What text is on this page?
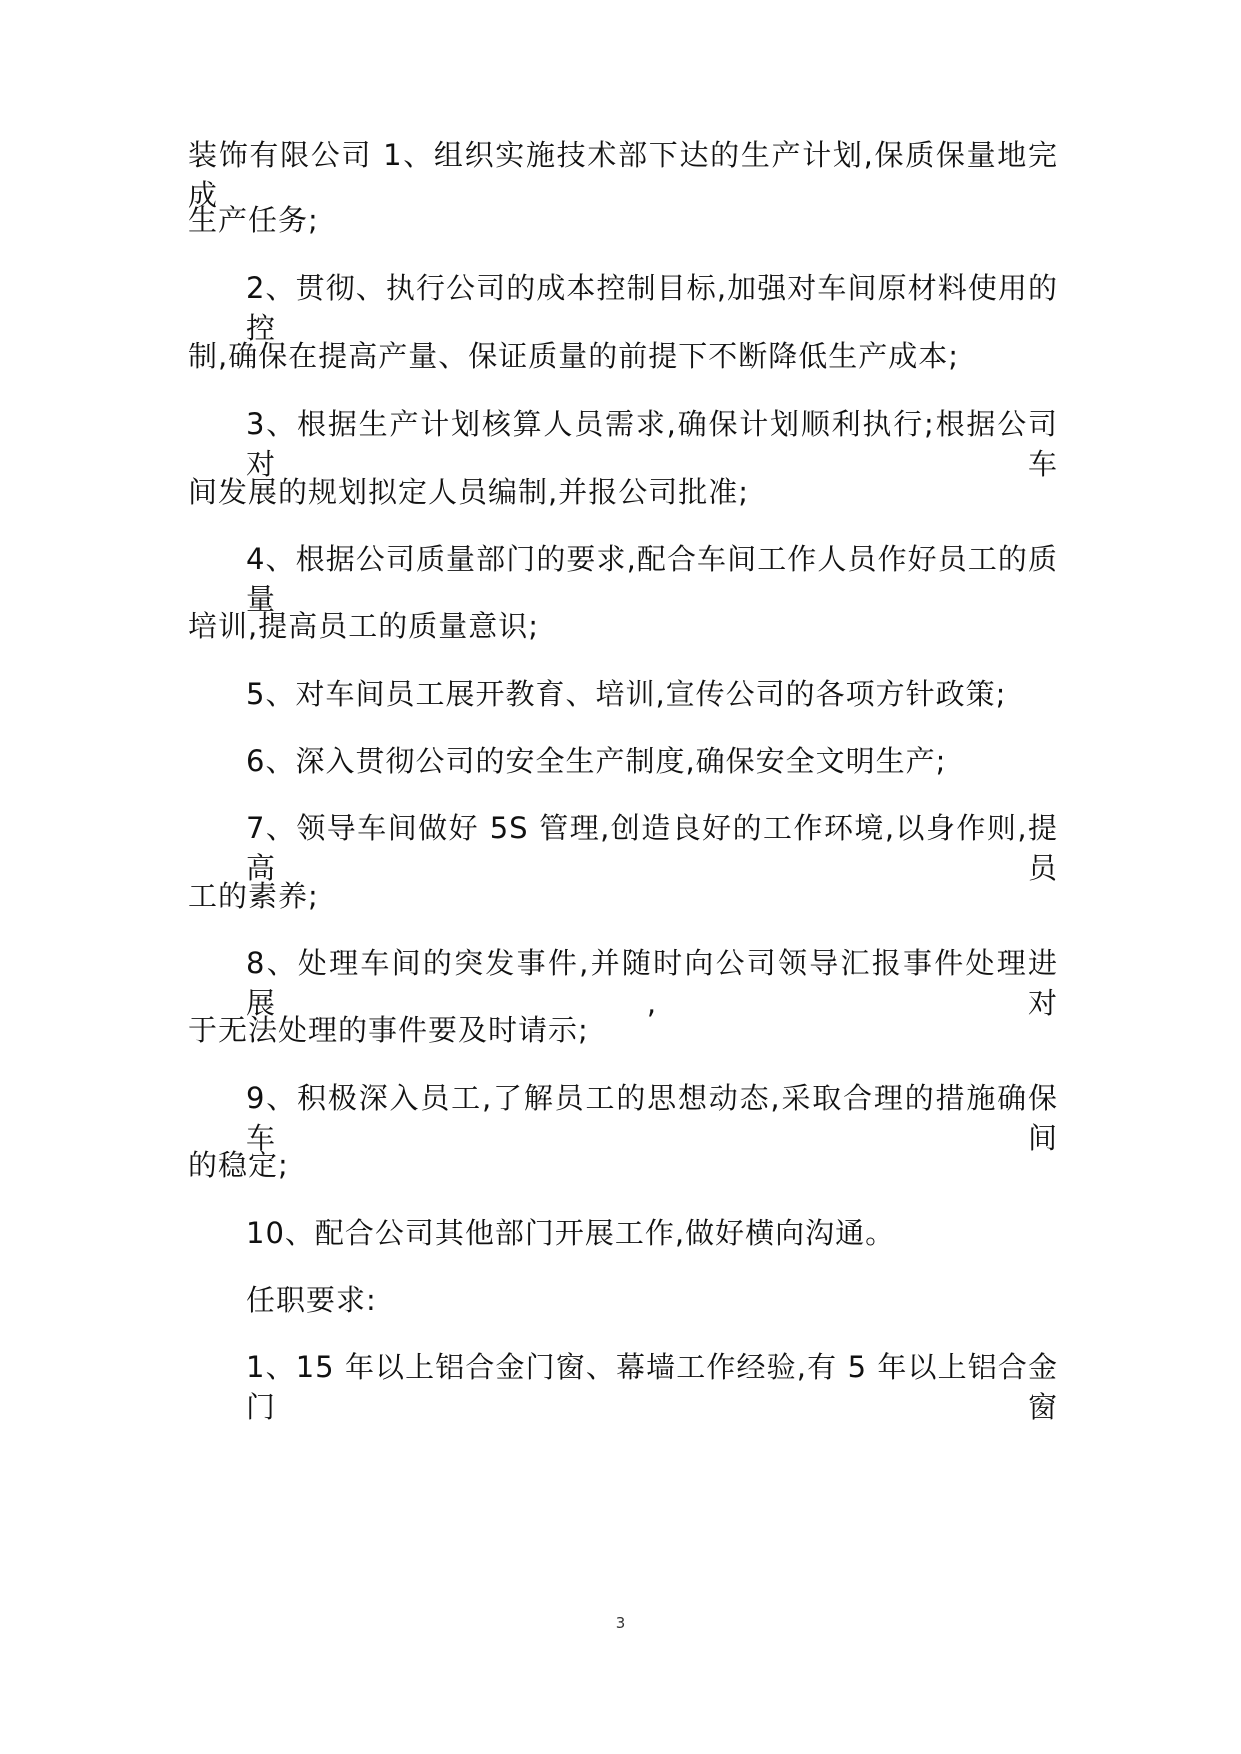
装饰有限公司 1、组织实施技术部下达的生产计划,保质保量地完成
生产任务;
2、贯彻、执行公司的成本控制目标,加强对车间原材料使用的控
制,确保在提高产量、保证质量的前提下不断降低生产成本;
3、根据生产计划核算人员需求,确保计划顺利执行;根据公司对车
间发展的规划拟定人员编制,并报公司批准;
4、根据公司质量部门的要求,配合车间工作人员作好员工的质量
培训,提高员工的质量意识;
5、对车间员工展开教育、培训,宣传公司的各项方针政策;
6、深入贯彻公司的安全生产制度,确保安全文明生产;
7、领导车间做好 5S 管理,创造良好的工作环境,以身作则,提高员
工的素养;
8、处理车间的突发事件,并随时向公司领导汇报事件处理进展,对
于无法处理的事件要及时请示;
9、积极深入员工,了解员工的思想动态,采取合理的措施确保车间
的稳定;
10、配合公司其他部门开展工作,做好横向沟通。
任职要求:
1、15 年以上铝合金门窗、幕墙工作经验,有 5 年以上铝合金门窗
3
